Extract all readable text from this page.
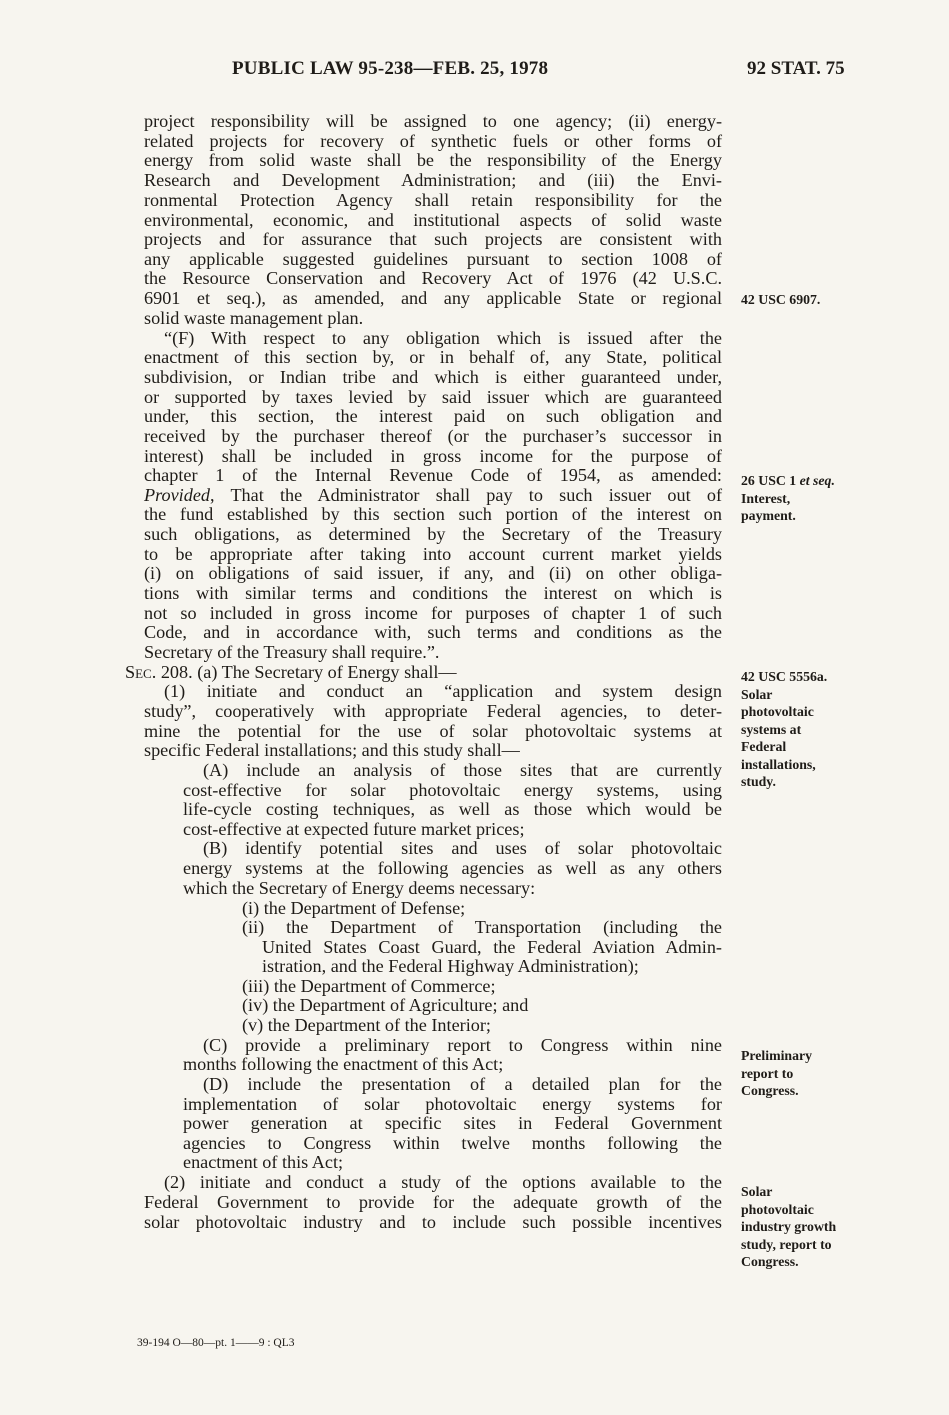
PUBLIC LAW 95-238—FEB. 25, 1978	92 STAT. 75
project responsibility will be assigned to one agency; (ii) energy-
related projects for recovery of synthetic fuels or other forms of
energy from solid waste shall be the responsibility of the Energy
Research and Development Administration; and (iii) the Envi-
ronmental Protection Agency shall retain responsibility for the
environmental, economic, and institutional aspects of solid waste
projects and for assurance that such projects are consistent with
any applicable suggested guidelines pursuant to section 1008 of
the Resource Conservation and Recovery Act of 1976 (42 U.S.C.
6901 et seq.), as amended, and any applicable State or regional
solid waste management plan.
“(F) With respect to any obligation which is issued after the
enactment of this section by, or in behalf of, any State, political
subdivision, or Indian tribe and which is either guaranteed under,
or supported by taxes levied by said issuer which are guaranteed
under, this section, the interest paid on such obligation and
received by the purchaser thereof (or the purchaser’s successor in
interest) shall be included in gross income for the purpose of
chapter 1 of the Internal Revenue Code of 1954, as amended:
Provided, That the Administrator shall pay to such issuer out of
the fund established by this section such portion of the interest on
such obligations, as determined by the Secretary of the Treasury
to be appropriate after taking into account current market yields
(i) on obligations of said issuer, if any, and (ii) on other obliga-
tions with similar terms and conditions the interest on which is
not so included in gross income for purposes of chapter 1 of such
Code, and in accordance with, such terms and conditions as the
Secretary of the Treasury shall require.”.
Sec. 208. (a) The Secretary of Energy shall—
(1) initiate and conduct an “application and system design
study”, cooperatively with appropriate Federal agencies, to deter-
mine the potential for the use of solar photovoltaic systems at
specific Federal installations; and this study shall—
(A) include an analysis of those sites that are currently
cost-effective for solar photovoltaic energy systems, using
life-cycle costing techniques, as well as those which would be
cost-effective at expected future market prices;
(B) identify potential sites and uses of solar photovoltaic
energy systems at the following agencies as well as any others
which the Secretary of Energy deems necessary:
(i) the Department of Defense;
(ii) the Department of Transportation (including the
United States Coast Guard, the Federal Aviation Admin-
istration, and the Federal Highway Administration);
(iii) the Department of Commerce;
(iv) the Department of Agriculture; and
(v) the Department of the Interior;
(C) provide a preliminary report to Congress within nine
months following the enactment of this Act;
(D) include the presentation of a detailed plan for the
implementation of solar photovoltaic energy systems for
power generation at specific sites in Federal Government
agencies to Congress within twelve months following the
enactment of this Act;
(2) initiate and conduct a study of the options available to the
Federal Government to provide for the adequate growth of the
solar photovoltaic industry and to include such possible incentives
42 USC 6907.
26 USC 1 et seq.
Interest,
payment.
42 USC 5556a.
Solar
photovoltaic
systems at
Federal
installations,
study.
Preliminary
report to
Congress.
Solar
photovoltaic
industry growth
study, report to
Congress.
39-194 O—80—pt. 1——9 : QL3
